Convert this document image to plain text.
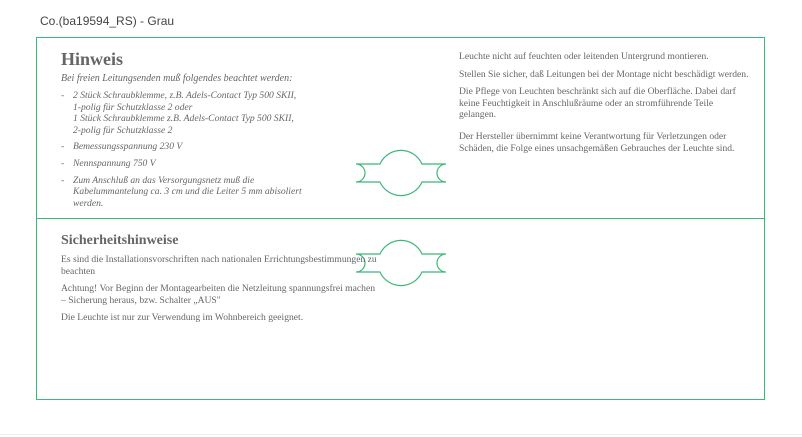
Co.(ba19594_RS) - Grau
Hinweis
Bei freien Leitungsenden muß folgendes beachtet werden:
- 2 Stück Schraubklemme, z.B. Adels-Contact Typ 500 SKII,
1-polig für Schutzklasse 2 oder
1 Stück Schraubklemme z.B. Adels-Contact Typ 500 SKII,
2-polig für Schutzklasse 2
- Bemessungsspannung 230 V
- Nennspannung 750 V
- Zum Anschluß an das Versorgungsnetz muß die
Kabelummantelung ca. 3 cm und die Leiter 5 mm abisoliert
werden.

Leuchte nicht auf feuchten oder leitenden Untergrund montieren.

Stellen Sie sicher, daß Leitungen bei der Montage nicht beschädigt werden.

Die Pflege von Leuchten beschränkt sich auf die Oberfläche. Dabei darf keine Feuchtigkeit in Anschlußräume oder an stromführende Teile gelangen.

Der Hersteller übernimmt keine Verantwortung für Verletzungen oder Schäden, die Folge eines unsachgemäßen Gebrauches der Leuchte sind.

Sicherheitshinweise

Es sind die Installationsvorschriften nach nationalen Errichtungsbestimmungen zu beachten

Achtung! Vor Beginn der Montagearbeiten die Netzleitung spannungsfrei machen – Sicherung heraus, bzw. Schalter „AUS"

Die Leuchte ist nur zur Verwendung im Wohnbereich geeignet.
